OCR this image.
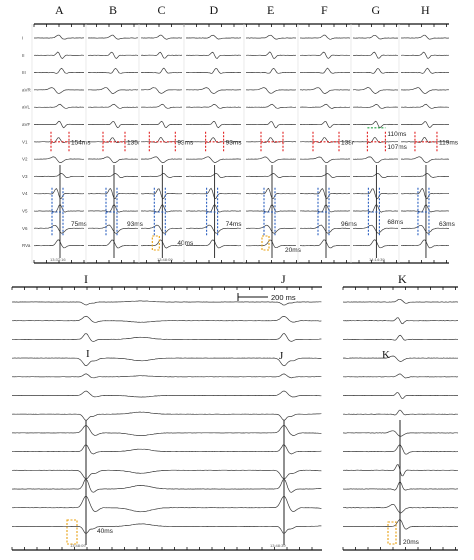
I	J	K
I	J	K
200 ms
40ms
20ms
13:48:09	13:48:39
I
II
III
aVR
aVL
aVF
V1
V2
V3
V4
V5
V6
RVa
154ms
75ms
13:37:16
135r
93ms
93ms
40ms
13:48:09
93ms
74ms
20ms
138r
96ms
110ms
107ms
68ms
14:14:39
119ms
63ms
A	B	C	D	E	F	G	H
